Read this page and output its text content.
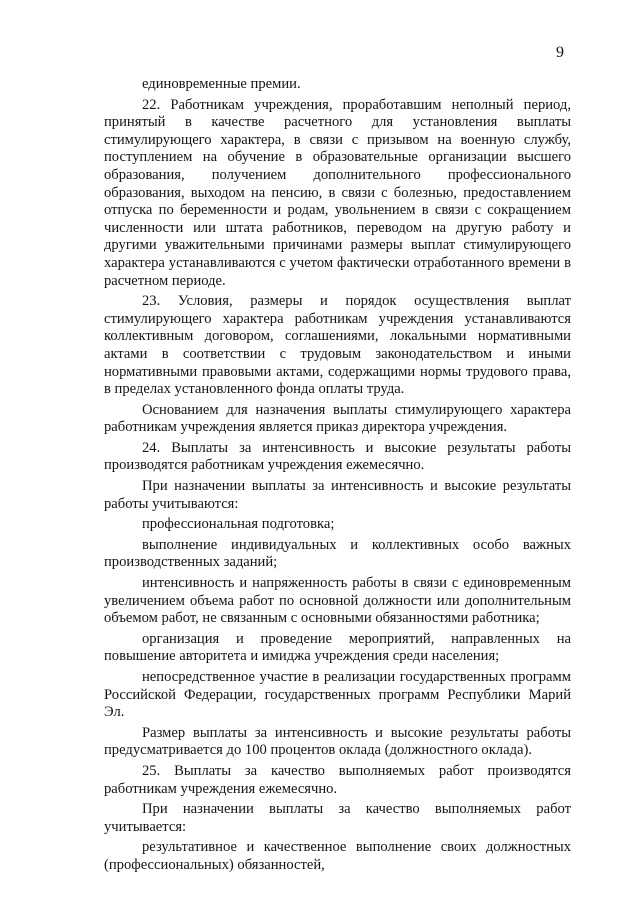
9

единовременные премии.

22. Работникам учреждения, проработавшим неполный период, принятый в качестве расчетного для установления выплаты стимулирующего характера, в связи с призывом на военную службу, поступлением на обучение в образовательные организации высшего образования, получением дополнительного профессионального образования, выходом на пенсию, в связи с болезнью, предоставлением отпуска по беременности и родам, увольнением в связи с сокращением численности или штата работников, переводом на другую работу и другими уважительными причинами размеры выплат стимулирующего характера устанавливаются с учетом фактически отработанного времени в расчетном периоде.

23. Условия, размеры и порядок осуществления выплат стимулирующего характера работникам учреждения устанавливаются коллективным договором, соглашениями, локальными нормативными актами в соответствии с трудовым законодательством и иными нормативными правовыми актами, содержащими нормы трудового права, в пределах установленного фонда оплаты труда.

Основанием для назначения выплаты стимулирующего характера работникам учреждения является приказ директора учреждения.

24. Выплаты за интенсивность и высокие результаты работы производятся работникам учреждения ежемесячно.

При назначении выплаты за интенсивность и высокие результаты работы учитываются:

профессиональная подготовка;

выполнение индивидуальных и коллективных особо важных производственных заданий;

интенсивность и напряженность работы в связи с единовременным увеличением объема работ по основной должности или дополнительным объемом работ, не связанным с основными обязанностями работника;

организация и проведение мероприятий, направленных на повышение авторитета и имиджа учреждения среди населения;

непосредственное участие в реализации государственных программ Российской Федерации, государственных программ Республики Марий Эл.

Размер выплаты за интенсивность и высокие результаты работы предусматривается до 100 процентов оклада (должностного оклада).

25. Выплаты за качество выполняемых работ производятся работникам учреждения ежемесячно.

При назначении выплаты за качество выполняемых работ учитывается:

результативное и качественное выполнение своих должностных (профессиональных) обязанностей,
